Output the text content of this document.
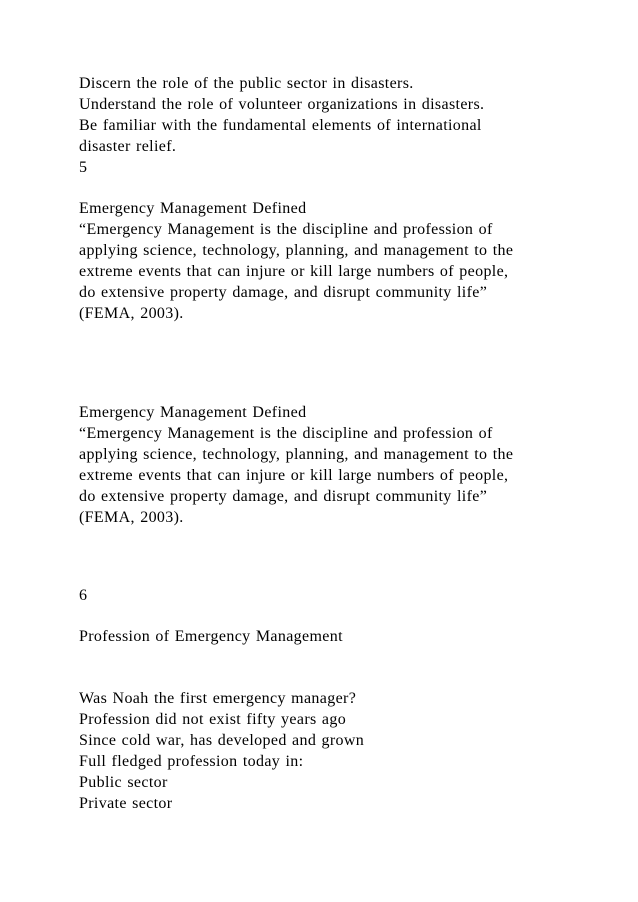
Discern the role of the public sector in disasters.
Understand the role of volunteer organizations in disasters.
Be familiar with the fundamental elements of international
disaster relief.
5
Emergency Management Defined
“Emergency Management is the discipline and profession of
applying science, technology, planning, and management to the
extreme events that can injure or kill large numbers of people,
do extensive property damage, and disrupt community life”
(FEMA, 2003).
Emergency Management Defined
“Emergency Management is the discipline and profession of
applying science, technology, planning, and management to the
extreme events that can injure or kill large numbers of people,
do extensive property damage, and disrupt community life”
(FEMA, 2003).
6
Profession of Emergency Management
Was Noah the first emergency manager?
Profession did not exist fifty years ago
Since cold war, has developed and grown
Full fledged profession today in:
Public sector
Private sector
